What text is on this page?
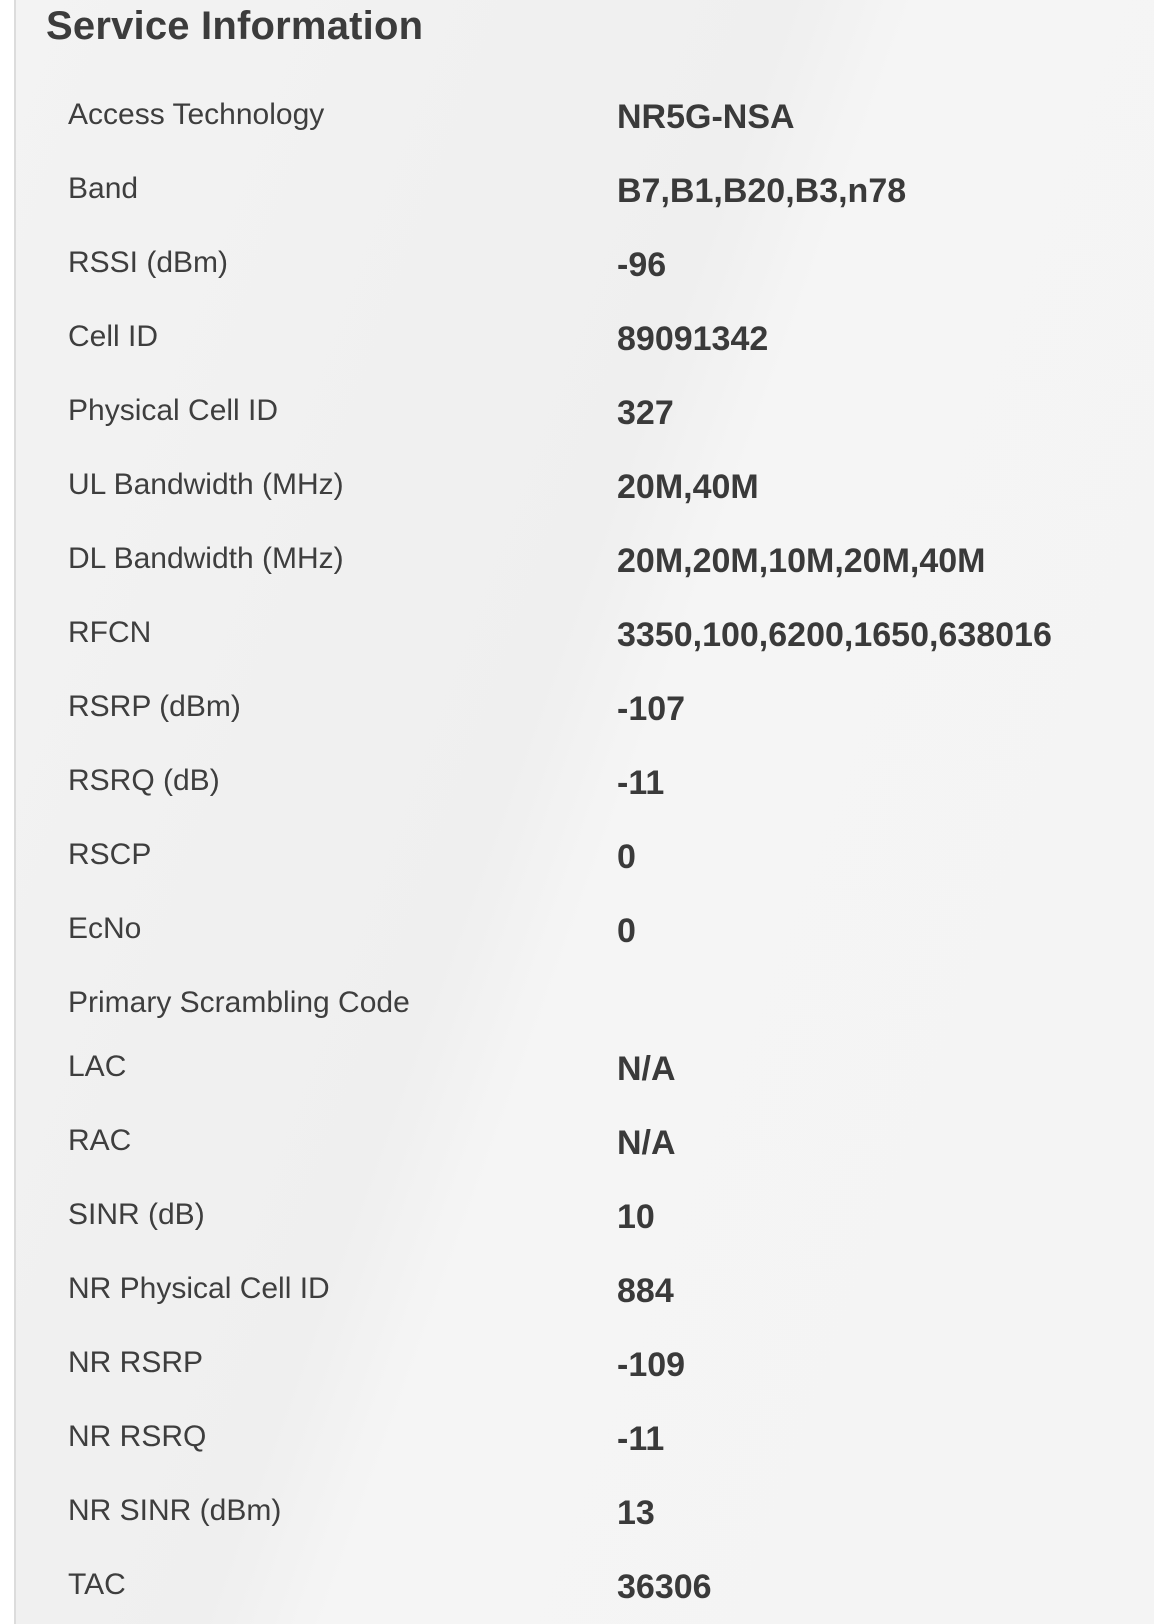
Service Information
Access Technology	NR5G-NSA
Band	B7,B1,B20,B3,n78
RSSI (dBm)	-96
Cell ID	89091342
Physical Cell ID	327
UL Bandwidth (MHz)	20M,40M
DL Bandwidth (MHz)	20M,20M,10M,20M,40M
RFCN	3350,100,6200,1650,638016
RSRP (dBm)	-107
RSRQ (dB)	-11
RSCP	0
EcNo	0
Primary Scrambling Code
LAC	N/A
RAC	N/A
SINR (dB)	10
NR Physical Cell ID	884
NR RSRP	-109
NR RSRQ	-11
NR SINR (dBm)	13
TAC	36306
